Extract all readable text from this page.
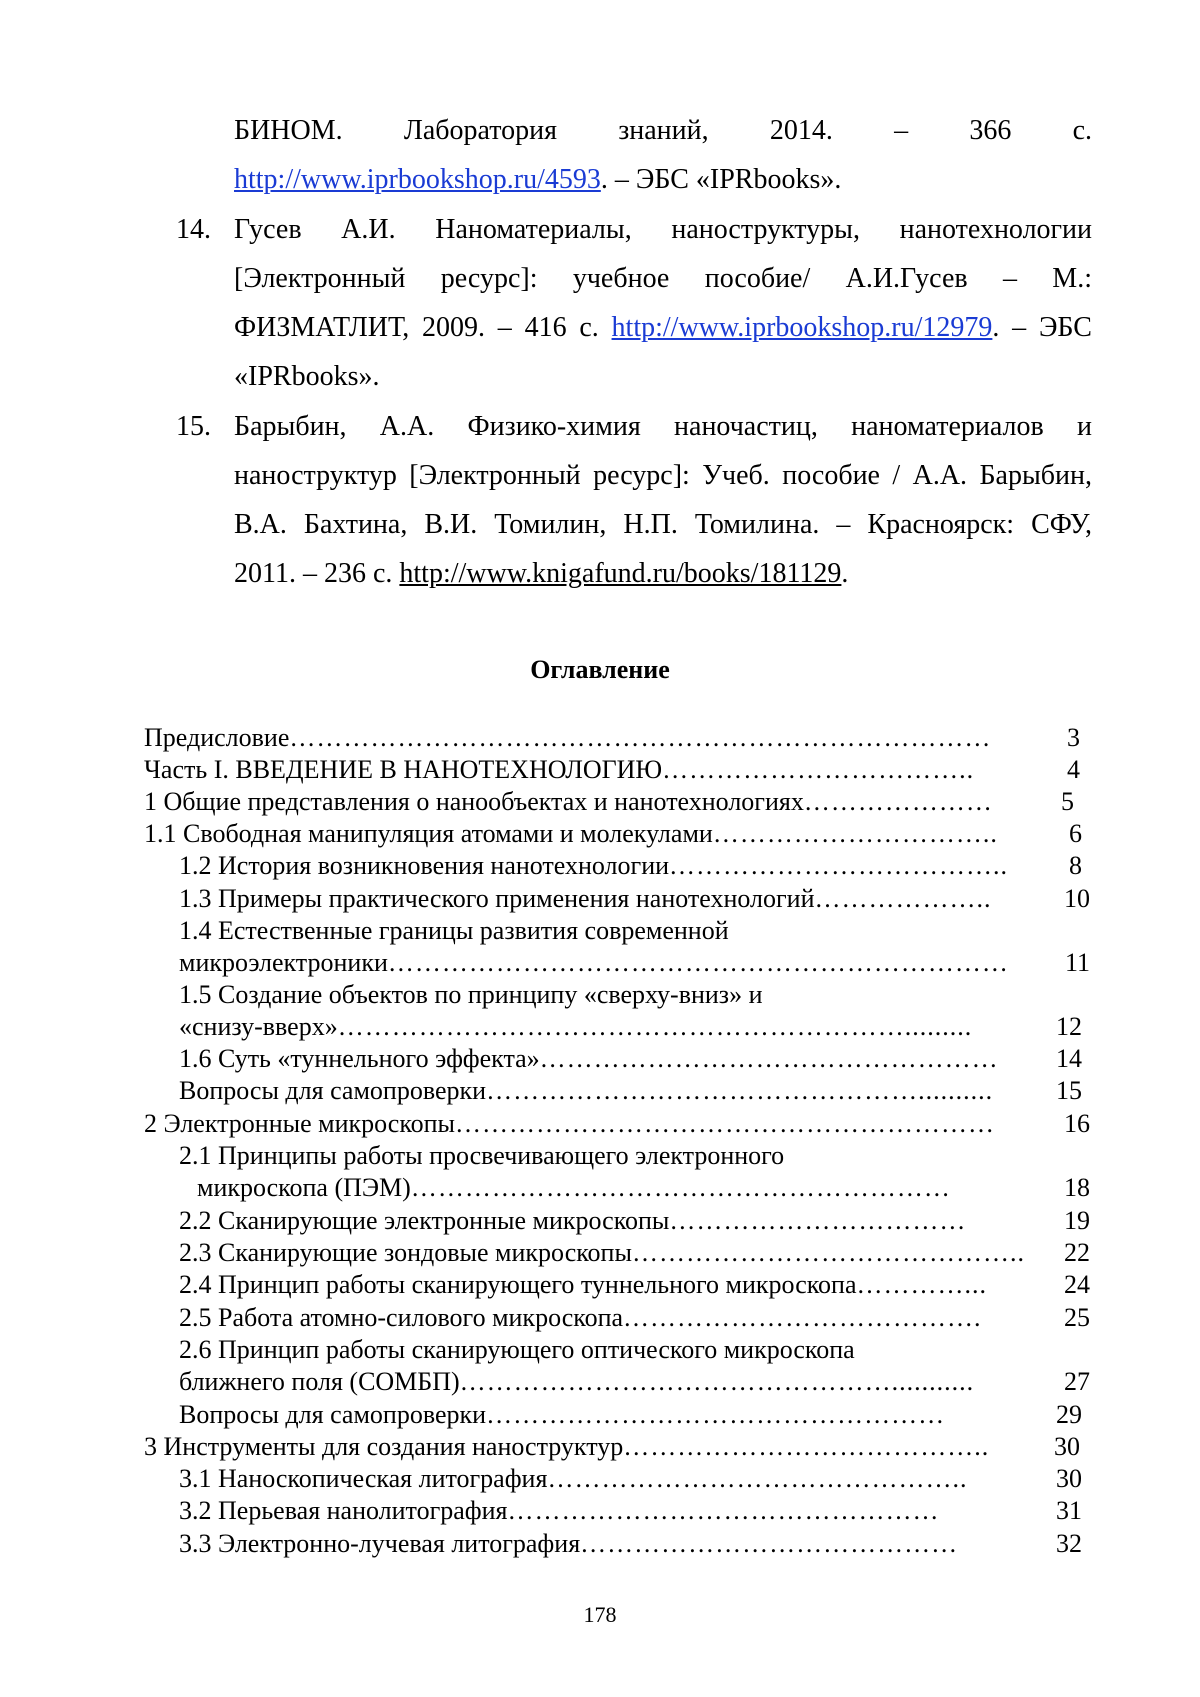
БИНОМ. Лаборатория знаний, 2014. – 366 с.
http://www.iprbookshop.ru/4593. – ЭБС «IPRbooks».
14. Гусев А.И. Наноматериалы, наноструктуры, нанотехнологии
[Электронный ресурс]: учебное пособие/ А.И.Гусев – М.:
ФИЗМАТЛИТ, 2009. – 416 с. http://www.iprbookshop.ru/12979. – ЭБС
«IPRbooks».
15. Барыбин, А.А. Физико-химия наночастиц, наноматериалов и
наноструктур [Электронный ресурс]: Учеб. пособие / А.А. Барыбин,
В.А. Бахтина, В.И. Томилин, Н.П. Томилина. – Красноярск: СФУ,
2011. – 236 с. http://www.knigafund.ru/books/181129.
Оглавление
Предисловие ……………………………………………………………………	3
Часть I. ВВЕДЕНИЕ В НАНОТЕХНОЛОГИЮ ……………………………..	4
1 Общие представления о нанообъектах и нанотехнологиях …………………	5
1.1 Свободная манипуляция атомами и молекулами …………………………..	6
1.2 История возникновения нанотехнологии ………………………………..	8
1.3 Примеры практического применения нанотехнологий ………………..	10
1.4 Естественные границы развития современной
микроэлектроники ……………………………………………………………	11
1.5 Создание объектов по принципу «сверху-вниз» и
«снизу-вверх» ……………………………………………………….........	12
1.6 Суть «туннельного эффекта» ……………………………………………	14
Вопросы для самопроверки …………………………………………..........	15
2 Электронные микроскопы ……………………………………………………	16
2.1 Принципы работы просвечивающего электронного
микроскопа (ПЭМ) ……………………………………………………	18
2.2 Сканирующие электронные микроскопы ……………………………	19
2.3 Сканирующие зондовые микроскопы ……………………………………..	22
2.4 Принцип работы сканирующего туннельного микроскопа …………...	24
2.5 Работа атомно-силового микроскопа ………………………………….	25
2.6 Принцип работы сканирующего оптического микроскопа
ближнего поля (СОМБП) …………………………………………...........	27
Вопросы для самопроверки ……………………………………………	29
3 Инструменты для создания наноструктур …………………………………..	30
3.1 Наноскопическая литография ………………………………………..	30
3.2 Перьевая нанолитография …………………………………………	31
3.3 Электронно-лучевая литография ……………………………………	32
178
